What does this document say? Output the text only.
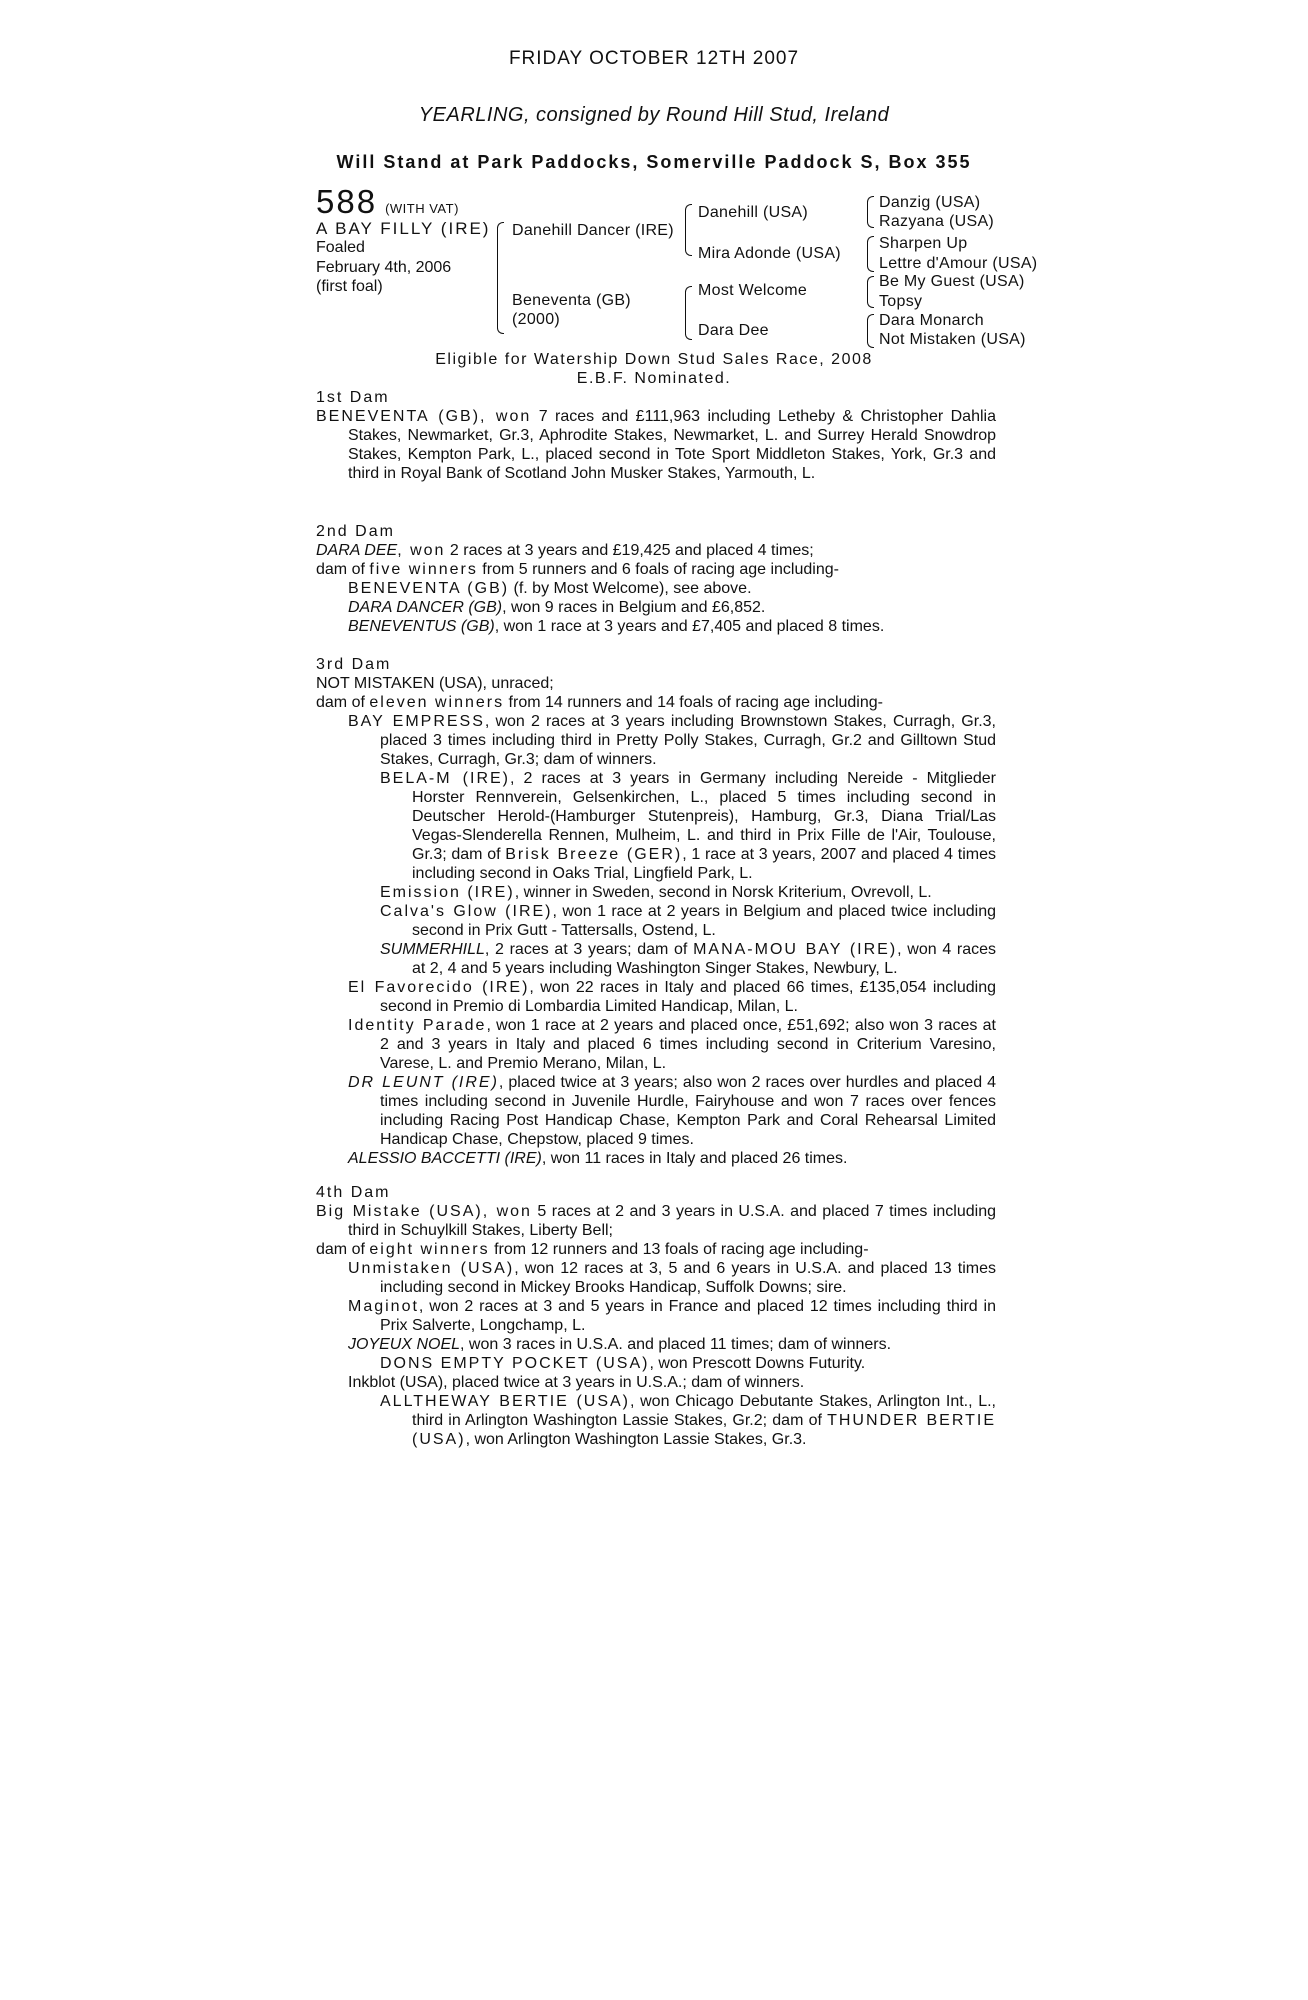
FRIDAY OCTOBER 12TH 2007
YEARLING, consigned by Round Hill Stud, Ireland
Will Stand at Park Paddocks, Somerville Paddock S, Box 355
588 (WITH VAT)
A BAY FILLY (IRE)
Foaled
February 4th, 2006
(first foal)
Danehill Dancer (IRE)
Beneventa (GB)
(2000)
Danehill (USA)
Mira Adonde (USA)
Most Welcome
Dara Dee
Danzig (USA)
Razyana (USA)
Sharpen Up
Lettre d'Amour (USA)
Be My Guest (USA)
Topsy
Dara Monarch
Not Mistaken (USA)
Eligible for Watership Down Stud Sales Race, 2008
E.B.F. Nominated.

1st Dam

BENEVENTA (GB), won 7 races and £111,963 including Letheby & Christopher Dahlia Stakes, Newmarket, Gr.3, Aphrodite Stakes, Newmarket, L. and Surrey Herald Snowdrop Stakes, Kempton Park, L., placed second in Tote Sport Middleton Stakes, York, Gr.3 and third in Royal Bank of Scotland John Musker Stakes, Yarmouth, L.

2nd Dam

DARA DEE, won 2 races at 3 years and £19,425 and placed 4 times;

dam of five winners from 5 runners and 6 foals of racing age including-

BENEVENTA (GB) (f. by Most Welcome), see above.

DARA DANCER (GB), won 9 races in Belgium and £6,852.

BENEVENTUS (GB), won 1 race at 3 years and £7,405 and placed 8 times.

3rd Dam

NOT MISTAKEN (USA), unraced;

dam of eleven winners from 14 runners and 14 foals of racing age including-

BAY EMPRESS, won 2 races at 3 years including Brownstown Stakes, Curragh, Gr.3, placed 3 times including third in Pretty Polly Stakes, Curragh, Gr.2 and Gilltown Stud Stakes, Curragh, Gr.3; dam of winners.

BELA-M (IRE), 2 races at 3 years in Germany including Nereide - Mitglieder Horster Rennverein, Gelsenkirchen, L., placed 5 times including second in Deutscher Herold-(Hamburger Stutenpreis), Hamburg, Gr.3, Diana Trial/Las Vegas-Slenderella Rennen, Mulheim, L. and third in Prix Fille de l'Air, Toulouse, Gr.3; dam of Brisk Breeze (GER), 1 race at 3 years, 2007 and placed 4 times including second in Oaks Trial, Lingfield Park, L.

Emission (IRE), winner in Sweden, second in Norsk Kriterium, Ovrevoll, L.

Calva's Glow (IRE), won 1 race at 2 years in Belgium and placed twice including second in Prix Gutt - Tattersalls, Ostend, L.

SUMMERHILL, 2 races at 3 years; dam of MANA-MOU BAY (IRE), won 4 races at 2, 4 and 5 years including Washington Singer Stakes, Newbury, L.

El Favorecido (IRE), won 22 races in Italy and placed 66 times, £135,054 including second in Premio di Lombardia Limited Handicap, Milan, L.

Identity Parade, won 1 race at 2 years and placed once, £51,692; also won 3 races at 2 and 3 years in Italy and placed 6 times including second in Criterium Varesino, Varese, L. and Premio Merano, Milan, L.

DR LEUNT (IRE), placed twice at 3 years; also won 2 races over hurdles and placed 4 times including second in Juvenile Hurdle, Fairyhouse and won 7 races over fences including Racing Post Handicap Chase, Kempton Park and Coral Rehearsal Limited Handicap Chase, Chepstow, placed 9 times.

ALESSIO BACCETTI (IRE), won 11 races in Italy and placed 26 times.

4th Dam

Big Mistake (USA), won 5 races at 2 and 3 years in U.S.A. and placed 7 times including third in Schuylkill Stakes, Liberty Bell;

dam of eight winners from 12 runners and 13 foals of racing age including-

Unmistaken (USA), won 12 races at 3, 5 and 6 years in U.S.A. and placed 13 times including second in Mickey Brooks Handicap, Suffolk Downs; sire.

Maginot, won 2 races at 3 and 5 years in France and placed 12 times including third in Prix Salverte, Longchamp, L.

JOYEUX NOEL, won 3 races in U.S.A. and placed 11 times; dam of winners.

DONS EMPTY POCKET (USA), won Prescott Downs Futurity.

Inkblot (USA), placed twice at 3 years in U.S.A.; dam of winners.

ALLTHEWAY BERTIE (USA), won Chicago Debutante Stakes, Arlington Int., L., third in Arlington Washington Lassie Stakes, Gr.2; dam of THUNDER BERTIE (USA), won Arlington Washington Lassie Stakes, Gr.3.
